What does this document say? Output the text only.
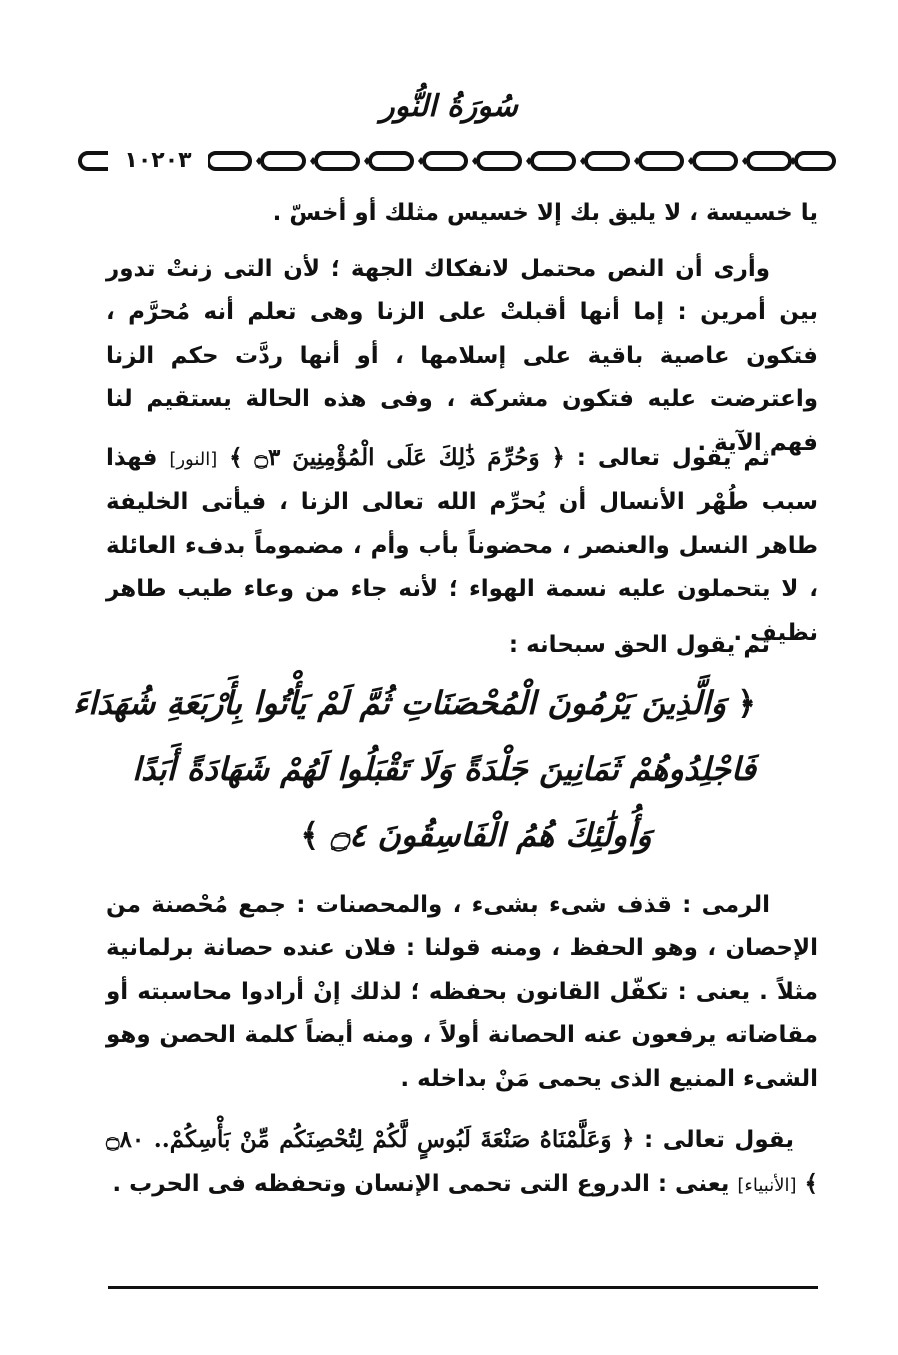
سُورَةُ النُّور
١٠٢٠٣

يا خسيسة ، لا يليق بك إلا خسيس مثلك أو أخسّ .

وأرى أن النص محتمل لانفكاك الجهة ؛ لأن التى زنتْ تدور بين أمرين : إما أنها أقبلتْ على الزنا وهى تعلم أنه مُحرَّم ، فتكون عاصية باقية على إسلامها ، أو أنها ردَّت حكم الزنا واعترضت عليه فتكون مشركة ، وفى هذه الحالة يستقيم لنا فهم الآية .

ثم يقول تعالى : ﴿ وَحُرِّمَ ذَٰلِكَ عَلَى الْمُؤْمِنِينَ ۝٣ ﴾ [النور] فهذا سبب طُهْر الأنسال أن يُحرِّم الله تعالى الزنا ، فيأتى الخليفة طاهر النسل والعنصر ، محضوناً بأب وأم ، مضموماً بدفء العائلة ، لا يتحملون عليه نسمة الهواء ؛ لأنه جاء من وعاء طيب طاهر نظيف .

ثم يقول الحق سبحانه :

﴿ وَالَّذِينَ يَرْمُونَ الْمُحْصَنَاتِ ثُمَّ لَمْ يَأْتُوا بِأَرْبَعَةِ شُهَدَاءَ
فَاجْلِدُوهُمْ ثَمَانِينَ جَلْدَةً وَلَا تَقْبَلُوا لَهُمْ شَهَادَةً أَبَدًا
وَأُولَٰئِكَ هُمُ الْفَاسِقُونَ ۝٤ ﴾

الرمى : قذف شىء بشىء ، والمحصنات : جمع مُحْصنة من الإحصان ، وهو الحفظ ، ومنه قولنا : فلان عنده حصانة برلمانية مثلاً . يعنى : تكفّل القانون بحفظه ؛ لذلك إنْ أرادوا محاسبته أو مقاضاته يرفعون عنه الحصانة أولاً ، ومنه أيضاً كلمة الحصن وهو الشىء المنيع الذى يحمى مَنْ بداخله .

يقول تعالى : ﴿ وَعَلَّمْنَاهُ صَنْعَةَ لَبُوسٍ لَّكُمْ لِتُحْصِنَكُم مِّنْ بَأْسِكُمْ.. ۝٨٠ ﴾ [الأنبياء] يعنى : الدروع التى تحمى الإنسان وتحفظه فى الحرب .
